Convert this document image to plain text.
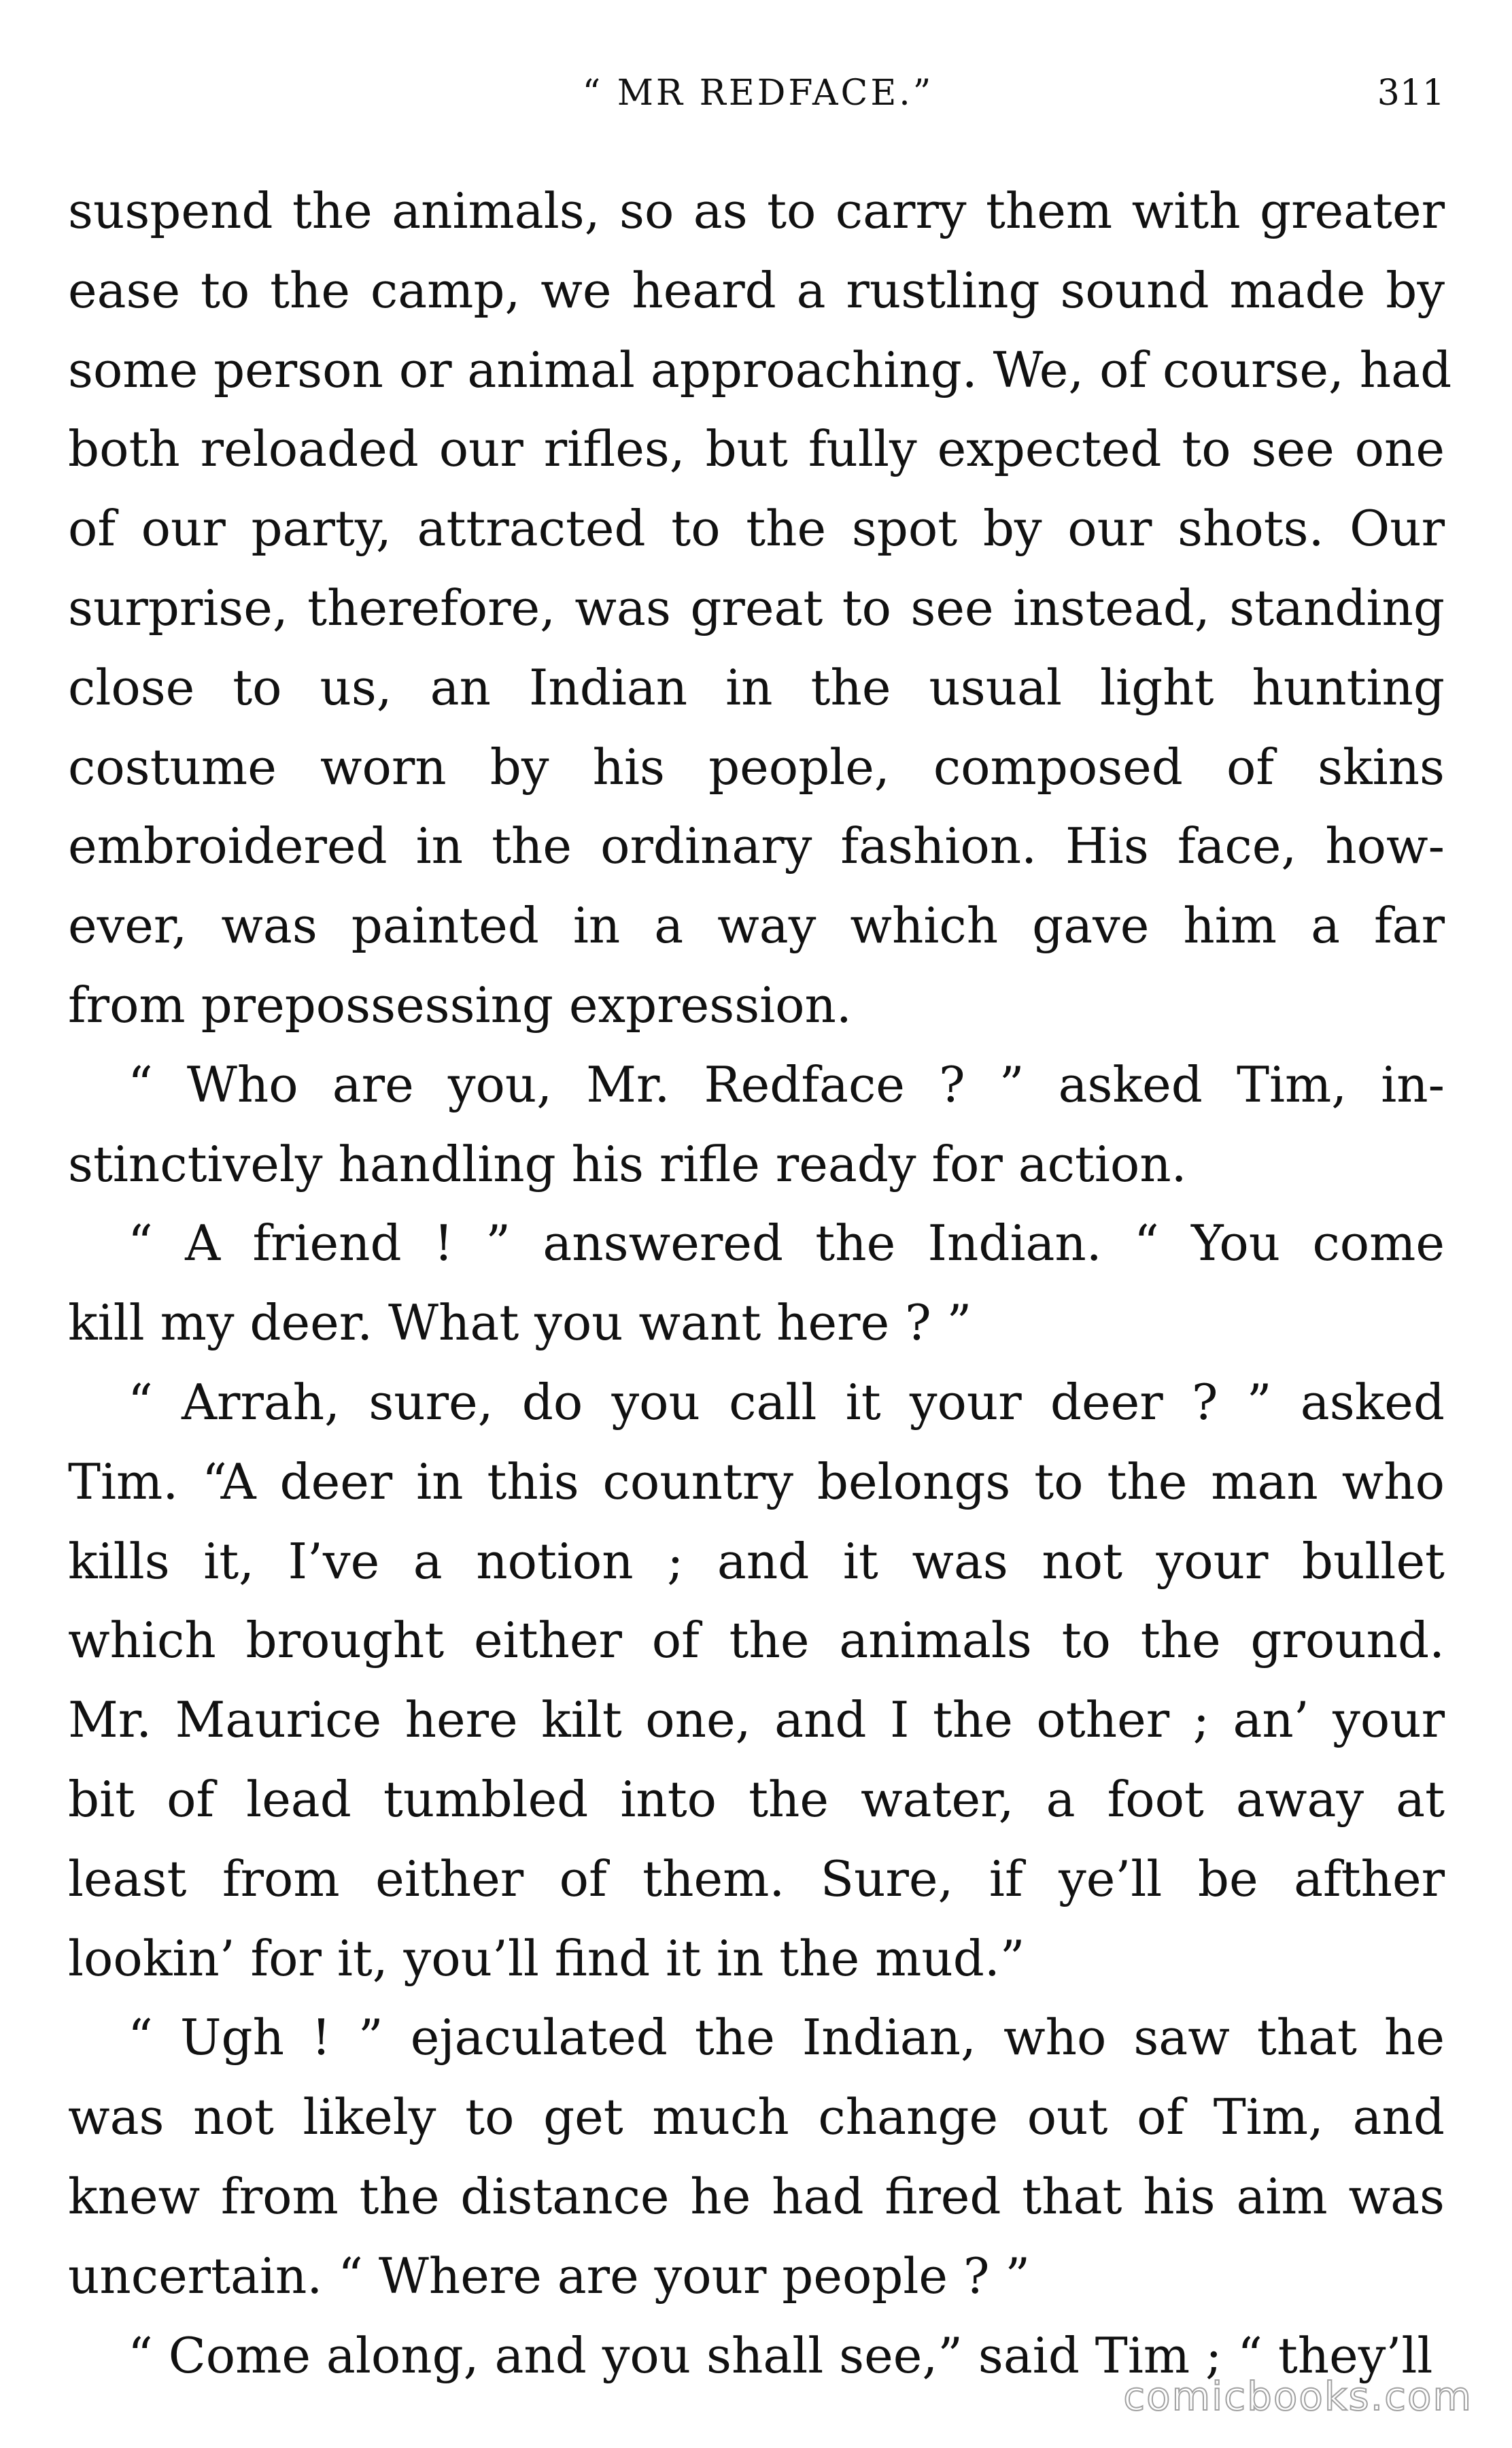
“ MR REDFACE.”	311
suspend the animals, so as to carry them with greater
ease to the camp, we heard a rustling sound made by
some person or animal approaching. We, of course, had
both reloaded our rifles, but fully expected to see one
of our party, attracted to the spot by our shots. Our
surprise, therefore, was great to see instead, standing
close to us, an Indian in the usual light hunting
costume worn by his people, composed of skins
embroidered in the ordinary fashion. His face, how-
ever, was painted in a way which gave him a far
from prepossessing expression.
“ Who are you, Mr. Redface ? ” asked Tim, in-
stinctively handling his rifle ready for action.
“ A friend ! ” answered the Indian. “ You come
kill my deer. What you want here ? ”
“ Arrah, sure, do you call it your deer ? ” asked
Tim. “A deer in this country belongs to the man who
kills it, I’ve a notion ; and it was not your bullet
which brought either of the animals to the ground.
Mr. Maurice here kilt one, and I the other ; an’ your
bit of lead tumbled into the water, a foot away at
least from either of them. Sure, if ye’ll be afther
lookin’ for it, you’ll find it in the mud.”
“ Ugh ! ” ejaculated the Indian, who saw that he
was not likely to get much change out of Tim, and
knew from the distance he had fired that his aim was
uncertain. “ Where are your people ? ”
“ Come along, and you shall see,” said Tim ; “ they’ll
comicbooks.com
